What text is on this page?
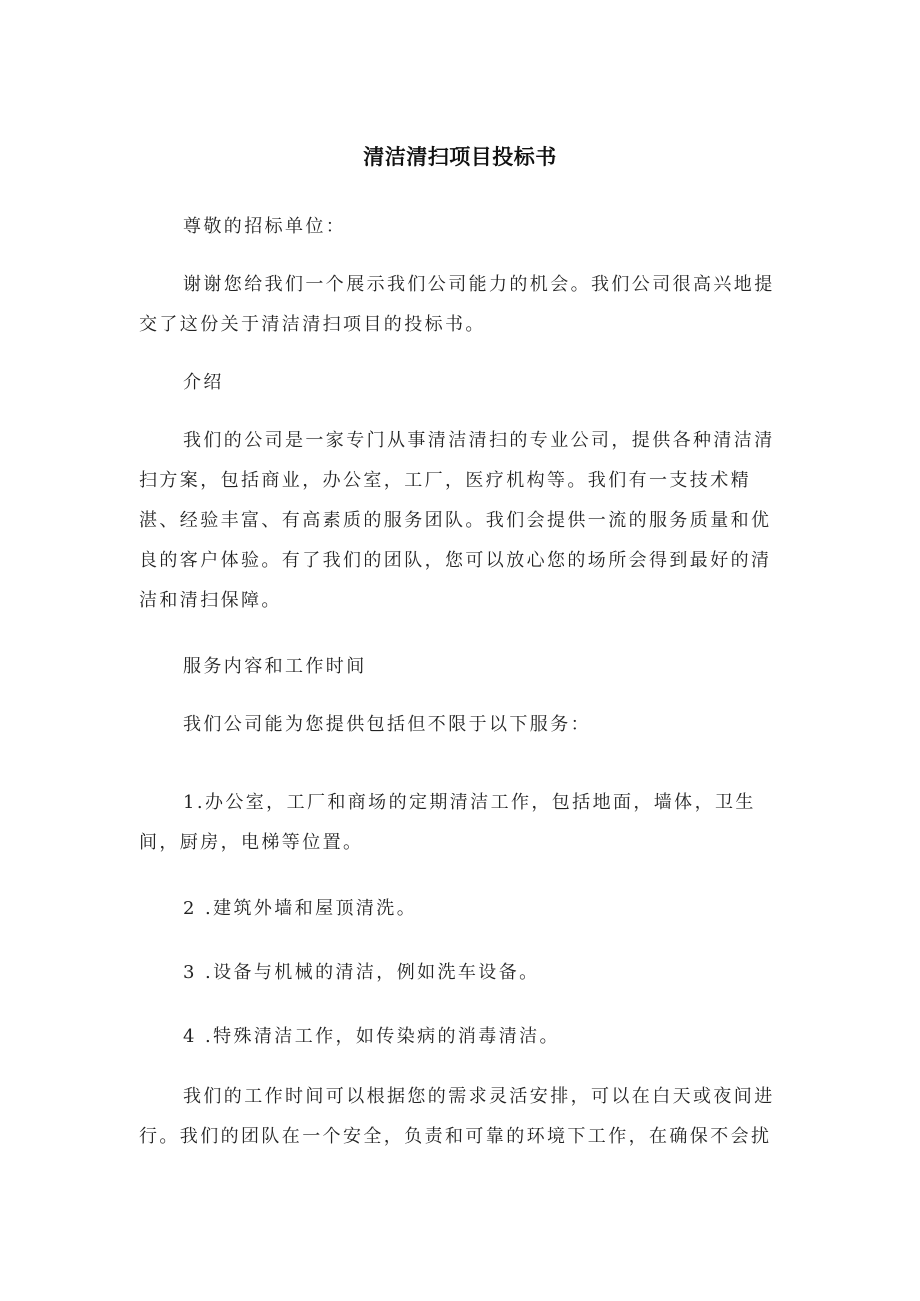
清洁清扫项目投标书

尊敬的招标单位：

谢谢您给我们一个展示我们公司能力的机会。我们公司很高兴地提交了这份关于清洁清扫项目的投标书。

介绍

我们的公司是一家专门从事清洁清扫的专业公司，提供各种清洁清扫方案，包括商业，办公室，工厂，医疗机构等。我们有一支技术精湛、经验丰富、有高素质的服务团队。我们会提供一流的服务质量和优良的客户体验。有了我们的团队，您可以放心您的场所会得到最好的清洁和清扫保障。

服务内容和工作时间

我们公司能为您提供包括但不限于以下服务：

1.办公室，工厂和商场的定期清洁工作，包括地面，墙体，卫生间，厨房，电梯等位置。

2 .建筑外墙和屋顶清洗。

3 .设备与机械的清洁，例如洗车设备。

4 .特殊清洁工作，如传染病的消毒清洁。

我们的工作时间可以根据您的需求灵活安排，可以在白天或夜间进行。我们的团队在一个安全，负责和可靠的环境下工作，在确保不会扰
